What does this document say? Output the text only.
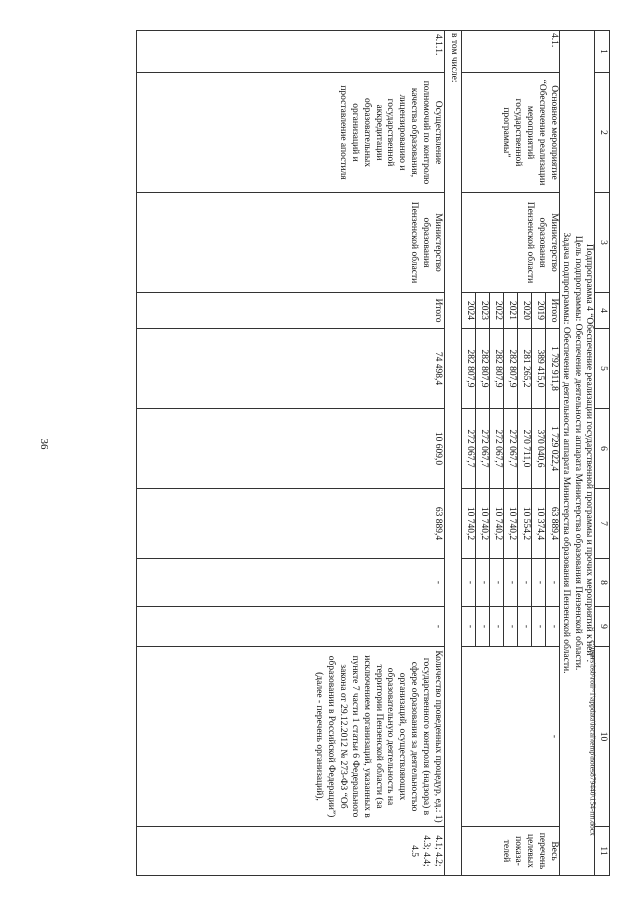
36
c:\users\bsb\roii~1\appdata\local\temp\notes879440\154-пп.docx
1	2	3	4	5	6	7	8	9	10	11
Подпрограмма 4 “Обеспечение реализации государственной программы и прочих мероприятий к ней”.										
Цель подпрограммы: Обеспечение деятельности аппарата Министерства образования Пензенской области.										
Задача подпрограммы: Обеспечение деятельности аппарата Министерства образования Пензенской области.										
4.1.	Основное мероприятие “Обеспечение реализации мероприятий государственной программы”	Министерство образования Пензенской области	Итого	1 792 911,8	1 729 022,4	63 889,4	-	-	-	Весь перечень целевых показа-телей
			2019	389 415,0	370 040,6	10 374,4	-	-		
			2020	281 265,2	270 711,0	10 554,2	-	-		
			2021	282 807,9	272 067,7	10 740,2	-	-		
			2022	282 807,9	272 067,7	10 740,2	-	-		
			2023	282 807,9	272 067,7	10 740,2	-	-		
			2024	282 807,9	272 067,7	10 740,2	-	-		
в том числе:										
4.1.1.	Осуществление полномочий по контролю качества образования, лицензированию и государственной аккредитации образовательных организаций и проставление апостиля	Министерство образования Пензенской области	Итого	74 498,4	10 609,0	63 889,4	-	-	Количество проведенных процедур, ед.: 1) государственного контроля (надзора) в сфере образования за деятельностью организаций, осуществляющих образовательную деятельность на территории Пензенской области (за исключением организаций, указанных в пункте 7 части 1 статьи 6 Федерального закона от 29.12.2012 № 273-ФЗ “Об образовании в Российской Федерации”) (далее - перечень организаций),	4.1; 4.2; 4.3; 4.4; 4.5
